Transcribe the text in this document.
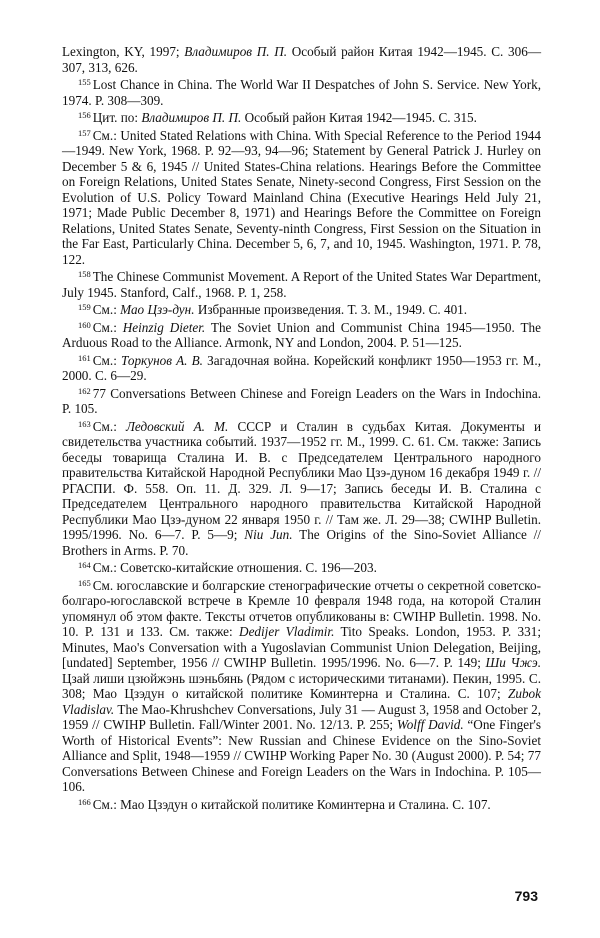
Lexington, KY, 1997; Владимиров П. П. Особый район Китая 1942—1945. С. 306—307, 313, 626.

$^{155}$ Lost Chance in China. The World War II Despatches of John S. Service. New York, 1974. P. 308—309.

$^{156}$ Цит. по: Владимиров П. П. Особый район Китая 1942—1945. С. 315.

$^{157}$ См.: United Stated Relations with China. With Special Reference to the Period 1944—1949. New York, 1968. P. 92—93, 94—96; Statement by General Patrick J. Hurley on December 5 & 6, 1945 // United States-China relations. Hearings Before the Committee on Foreign Relations, United States Senate, Ninety-second Congress, First Session on the Evolution of U.S. Policy Toward Mainland China (Executive Hearings Held July 21, 1971; Made Public December 8, 1971) and Hearings Before the Committee on Foreign Relations, United States Senate, Seventy-ninth Congress, First Session on the Situation in the Far East, Particularly China. December 5, 6, 7, and 10, 1945. Washington, 1971. P. 78, 122.

$^{158}$ The Chinese Communist Movement. A Report of the United States War Department, July 1945. Stanford, Calf., 1968. P. 1, 258.

$^{159}$ См.: Мао Цзэ-дун. Избранные произведения. Т. 3. М., 1949. С. 401.

$^{160}$ См.: Heinzig Dieter. The Soviet Union and Communist China 1945—1950. The Arduous Road to the Alliance. Armonk, NY and London, 2004. P. 51—125.

$^{161}$ См.: Торкунов А. В. Загадочная война. Корейский конфликт 1950—1953 гг. М., 2000. С. 6—29.

$^{162}$ 77 Conversations Between Chinese and Foreign Leaders on the Wars in Indochina. P. 105.

$^{163}$ См.: Ледовский А. М. СССР и Сталин в судьбах Китая. Документы и свидетельства участника событий. 1937—1952 гг. М., 1999. С. 61. См. также: Запись беседы товарища Сталина И. В. с Председателем Центрального народного правительства Китайской Народной Республики Мао Цзэ-дуном 16 декабря 1949 г. // РГАСПИ. Ф. 558. Оп. 11. Д. 329. Л. 9—17; Запись беседы И. В. Сталина с Председателем Центрального народного правительства Китайской Народной Республики Мао Цзэ-дуном 22 января 1950 г. // Там же. Л. 29—38; CWIHP Bulletin. 1995/1996. No. 6—7. P. 5—9; Niu Jun. The Origins of the Sino-Soviet Alliance // Brothers in Arms. P. 70.

$^{164}$ См.: Советско-китайские отношения. С. 196—203.

$^{165}$ См. югославские и болгарские стенографические отчеты о секретной советско-болгаро-югославской встрече в Кремле 10 февраля 1948 года, на которой Сталин упомянул об этом факте. Тексты отчетов опубликованы в: CWIHP Bulletin. 1998. No. 10. P. 131 и 133. См. также: Dedijer Vladimir. Tito Speaks. London, 1953. P. 331; Minutes, Mao's Conversation with a Yugoslavian Communist Union Delegation, Beijing, [undated] September, 1956 // CWIHP Bulletin. 1995/1996. No. 6—7. P. 149; Ши Чжэ. Цзай лиши цзюйжэнь шэньбянь (Рядом с историческими титанами). Пекин, 1995. С. 308; Мао Цзэдун о китайской политике Коминтерна и Сталина. С. 107; Zubok Vladislav. The Mao-Khrushchev Conversations, July 31 — August 3, 1958 and October 2, 1959 // CWIHP Bulletin. Fall/Winter 2001. No. 12/13. P. 255; Wolff David. “One Finger's Worth of Historical Events”: New Russian and Chinese Evidence on the Sino-Soviet Alliance and Split, 1948—1959 // CWIHP Working Paper No. 30 (August 2000). P. 54; 77 Conversations Between Chinese and Foreign Leaders on the Wars in Indochina. P. 105—106.

$^{166}$ См.: Мао Цзэдун о китайской политике Коминтерна и Сталина. С. 107.

793
